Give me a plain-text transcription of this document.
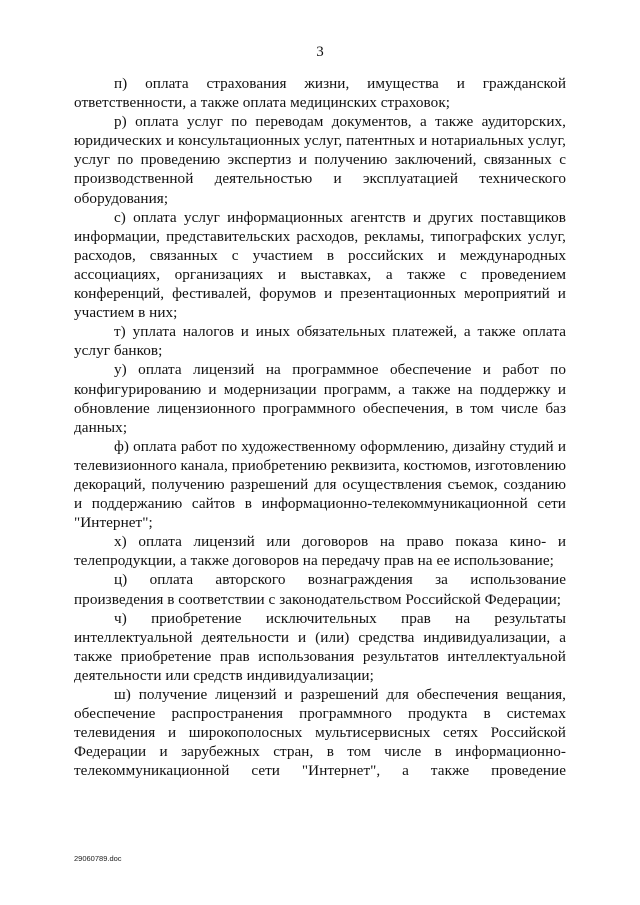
3

п) оплата страхования жизни, имущества и гражданской ответственности, а также оплата медицинских страховок;

р) оплата услуг по переводам документов, а также аудиторских, юридических и консультационных услуг, патентных и нотариальных услуг, услуг по проведению экспертиз и получению заключений, связанных с производственной деятельностью и эксплуатацией технического оборудования;

с) оплата услуг информационных агентств и других поставщиков информации, представительских расходов, рекламы, типографских услуг, расходов, связанных с участием в российских и международных ассоциациях, организациях и выставках, а также с проведением конференций, фестивалей, форумов и презентационных мероприятий и участием в них;

т) уплата налогов и иных обязательных платежей, а также оплата услуг банков;

у) оплата лицензий на программное обеспечение и работ по конфигурированию и модернизации программ, а также на поддержку и обновление лицензионного программного обеспечения, в том числе баз данных;

ф) оплата работ по художественному оформлению, дизайну студий и телевизионного канала, приобретению реквизита, костюмов, изготовлению декораций, получению разрешений для осуществления съемок, созданию и поддержанию сайтов в информационно-телекоммуникационной сети "Интернет";

х) оплата лицензий или договоров на право показа кино- и телепродукции, а также договоров на передачу прав на ее использование;

ц) оплата авторского вознаграждения за использование произведения в соответствии с законодательством Российской Федерации;

ч) приобретение исключительных прав на результаты интеллектуальной деятельности и (или) средства индивидуализации, а также приобретение прав использования результатов интеллектуальной деятельности или средств индивидуализации;

ш) получение лицензий и разрешений для обеспечения вещания, обеспечение распространения программного продукта в системах телевидения и широкополосных мультисервисных сетях Российской Федерации и зарубежных стран, в том числе в информационно-телекоммуникационной сети "Интернет", а также проведение

29060789.doc
